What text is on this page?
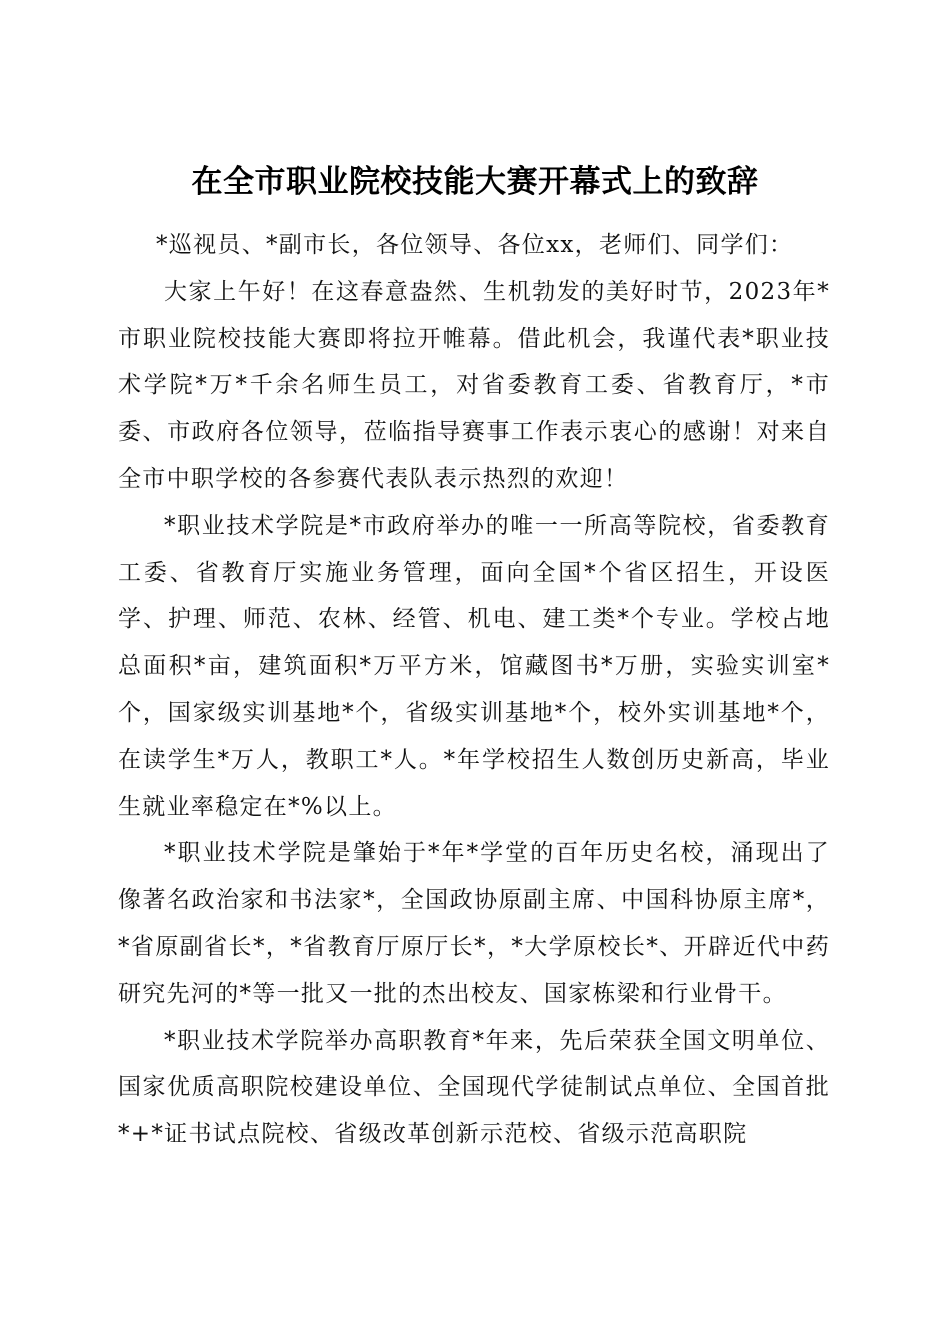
在全市职业院校技能大赛开幕式上的致辞

*巡视员、*副市长，各位领导、各位xx，老师们、同学们：

大家上午好！在这春意盎然、生机勃发的美好时节，2023年*市职业院校技能大赛即将拉开帷幕。借此机会，我谨代表*职业技术学院*万*千余名师生员工，对省委教育工委、省教育厅，*市委、市政府各位领导，莅临指导赛事工作表示衷心的感谢！对来自全市中职学校的各参赛代表队表示热烈的欢迎！

*职业技术学院是*市政府举办的唯一一所高等院校，省委教育工委、省教育厅实施业务管理，面向全国*个省区招生，开设医学、护理、师范、农林、经管、机电、建工类*个专业。学校占地总面积*亩，建筑面积*万平方米，馆藏图书*万册，实验实训室*个，国家级实训基地*个，省级实训基地*个，校外实训基地*个，在读学生*万人，教职工*人。*年学校招生人数创历史新高，毕业生就业率稳定在*%以上。

*职业技术学院是肇始于*年*学堂的百年历史名校，涌现出了像著名政治家和书法家*，全国政协原副主席、中国科协原主席*，*省原副省长*，*省教育厅原厅长*，*大学原校长*、开辟近代中药研究先河的*等一批又一批的杰出校友、国家栋梁和行业骨干。

*职业技术学院举办高职教育*年来，先后荣获全国文明单位、国家优质高职院校建设单位、全国现代学徒制试点单位、全国首批*+*证书试点院校、省级改革创新示范校、省级示范高职院
